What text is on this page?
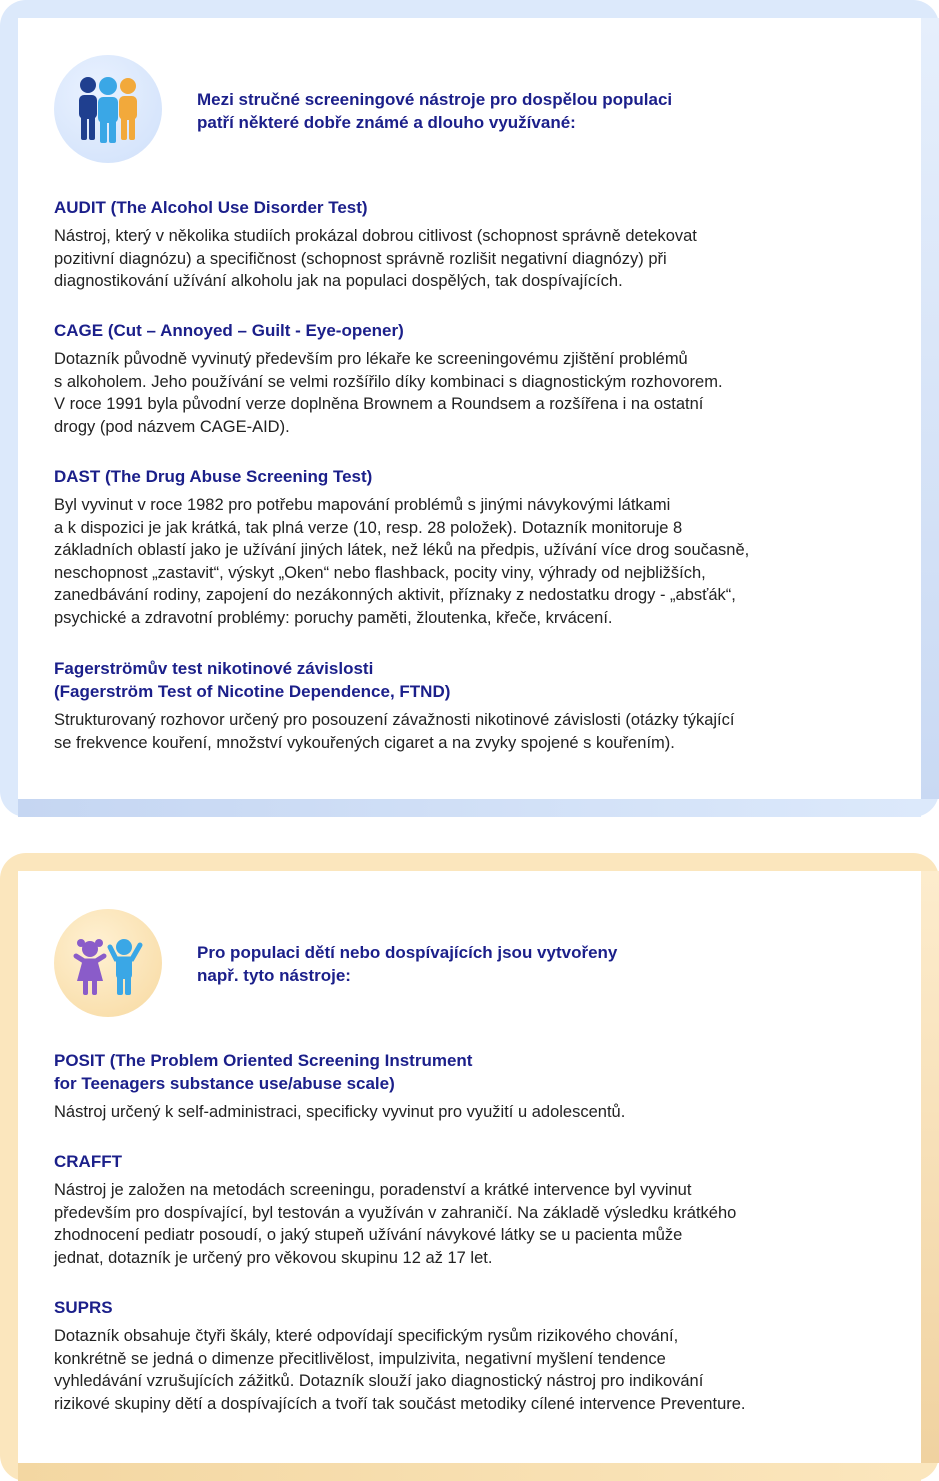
Mezi stručné screeningové nástroje pro dospělou populaci
patří některé dobře známé a dlouho využívané:
AUDIT (The Alcohol Use Disorder Test)

Nástroj, který v několika studiích prokázal dobrou citlivost (schopnost správně detekovat
pozitivní diagnózu) a specifičnost (schopnost správně rozlišit negativní diagnózy) při
diagnostikování užívání alkoholu jak na populaci dospělých, tak dospívajících.

CAGE (Cut – Annoyed – Guilt - Eye-opener)

Dotazník původně vyvinutý především pro lékaře ke screeningovému zjištění problémů
s alkoholem. Jeho používání se velmi rozšířilo díky kombinaci s diagnostickým rozhovorem.
V roce 1991 byla původní verze doplněna Brownem a Roundsem a rozšířena i na ostatní
drogy (pod názvem CAGE-AID).

DAST (The Drug Abuse Screening Test)

Byl vyvinut v roce 1982 pro potřebu mapování problémů s jinými návykovými látkami
a k dispozici je jak krátká, tak plná verze (10, resp. 28 položek). Dotazník monitoruje 8
základních oblastí jako je užívání jiných látek, než léků na předpis, užívání více drog současně,
neschopnost „zastavit“, výskyt „Oken“ nebo flashback, pocity viny, výhrady od nejbližších,
zanedbávání rodiny, zapojení do nezákonných aktivit, příznaky z nedostatku drogy - „absťák“,
psychické a zdravotní problémy: poruchy paměti, žloutenka, křeče, krvácení.

Fagerströmův test nikotinové závislosti
(Fagerström Test of Nicotine Dependence, FTND)

Strukturovaný rozhovor určený pro posouzení závažnosti nikotinové závislosti (otázky týkající
se frekvence kouření, množství vykouřených cigaret a na zvyky spojené s kouřením).

Pro populaci dětí nebo dospívajících jsou vytvořeny
např. tyto nástroje:
POSIT (The Problem Oriented Screening Instrument
for Teenagers substance use/abuse scale)

Nástroj určený k self-administraci, specificky vyvinut pro využití u adolescentů.

CRAFFT

Nástroj je založen na metodách screeningu, poradenství a krátké intervence byl vyvinut
především pro dospívající, byl testován a využíván v zahraničí. Na základě výsledku krátkého
zhodnocení pediatr posoudí, o jaký stupeň užívání návykové látky se u pacienta může
jednat, dotazník je určený pro věkovou skupinu 12 až 17 let.

SUPRS

Dotazník obsahuje čtyři škály, které odpovídají specifickým rysům rizikového chování,
konkrétně se jedná o dimenze přecitlivělost, impulzivita, negativní myšlení tendence
vyhledávání vzrušujících zážitků. Dotazník slouží jako diagnostický nástroj pro indikování
rizikové skupiny dětí a dospívajících a tvoří tak součást metodiky cílené intervence Preventure.
